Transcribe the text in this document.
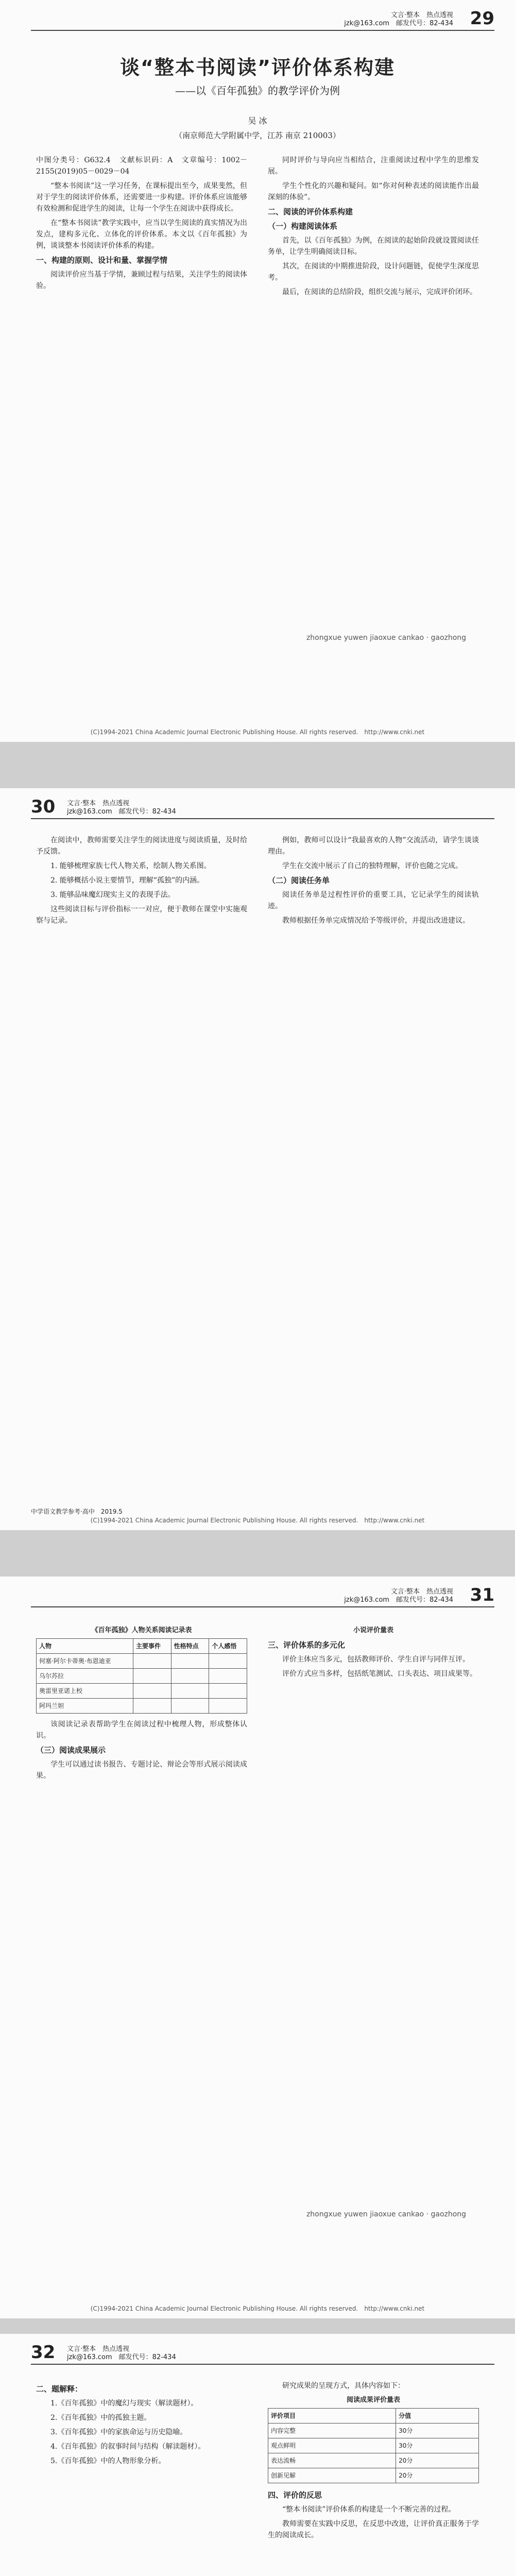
文言·整本　 热点透视
jzk@163.com　邮发代号：82-434 29
谈“整本书阅读”评价体系构建
——以《百年孤独》的教学评价为例
吴 冰
（南京师范大学附属中学，江苏 南京 210003）

中图分类号：G632.4　文献标识码：A　文章编号：1002－2155(2019)05－0029－04

“整本书阅读”这一学习任务，在课标提出至今，成果斐然，但对于学生的阅读评价体系，还需要进一步构建。评价体系应该能够有效检测和促进学生的阅读，让每一个学生在阅读中获得成长。

在“整本书阅读”教学实践中，应当以学生阅读的真实情况为出发点，建构多元化、立体化的评价体系。本文以《百年孤独》为例，谈谈整本书阅读评价体系的构建。

一、构建的原则、设计和量、掌握学情

阅读评价应当基于学情，兼顾过程与结果，关注学生的阅读体验。

同时评价与导向应当相结合，注重阅读过程中学生的思维发展。

学生个性化的兴趣和疑问。如“你对何种表述的阅读能作出最深刻的体验”。

二、阅读的评价体系构建
（一）构建阅读体系

首先，以《百年孤独》为例，在阅读的起始阶段就设置阅读任务单，让学生明确阅读目标。

其次，在阅读的中期推进阶段，设计问题链，促使学生深度思考。

最后，在阅读的总结阶段，组织交流与展示，完成评价闭环。

zhongxue yuwen jiaoxue cankao · gaozhong
(C)1994-2021 China Academic Journal Electronic Publishing House. All rights reserved.　http://www.cnki.net
30 文言·整本　 热点透视
jzk@163.com　邮发代号：82-434

在阅读中，教师需要关注学生的阅读进度与阅读质量，及时给予反馈。

1. 能够梳理家族七代人物关系，绘制人物关系图。

2. 能够概括小说主要情节，理解“孤独”的内涵。

3. 能够品味魔幻现实主义的表现手法。

这些阅读目标与评价指标一一对应，便于教师在课堂中实施观察与记录。

例如，教师可以设计“我最喜欢的人物”交流活动，请学生谈谈理由。

学生在交流中展示了自己的独特理解，评价也随之完成。

（二）阅读任务单

阅读任务单是过程性评价的重要工具，它记录学生的阅读轨迹。

教师根据任务单完成情况给予等级评价，并提出改进建议。

中学语文教学参考·高中　2019.5
(C)1994-2021 China Academic Journal Electronic Publishing House. All rights reserved.　http://www.cnki.net
文言·整本　 热点透视
jzk@163.com　邮发代号：82-434 31
《百年孤独》人物关系阅读记录表
人物	主要事件	性格特点	个人感悟
何塞·阿尔卡蒂奥·布恩迪亚			
乌尔苏拉			
奥雷里亚诺上校			
阿玛兰妲			

该阅读记录表帮助学生在阅读过程中梳理人物，形成整体认识。

（三）阅读成果展示

学生可以通过读书报告、专题讨论、辩论会等形式展示阅读成果。

小说评价量表
三、评价体系的多元化

评价主体应当多元，包括教师评价、学生自评与同伴互评。

评价方式应当多样，包括纸笔测试、口头表达、项目成果等。

zhongxue yuwen jiaoxue cankao · gaozhong
(C)1994-2021 China Academic Journal Electronic Publishing House. All rights reserved.　http://www.cnki.net
32 文言·整本　 热点透视
jzk@163.com　邮发代号：82-434
二、题解释：

1.《百年孤独》中的魔幻与现实（解读题材）。

2.《百年孤独》中的孤独主题。

3.《百年孤独》中的家族命运与历史隐喻。

4.《百年孤独》的叙事时间与结构（解读题材）。

5.《百年孤独》中的人物形象分析。

研究成果的呈现方式，具体内容如下：

阅读成果评价量表
评价项目	分值
内容完整	30分
观点鲜明	30分
表达流畅	20分
创新见解	20分
四、评价的反思

“整本书阅读”评价体系的构建是一个不断完善的过程。

教师需要在实践中反思，在反思中改进，让评价真正服务于学生的阅读成长。
